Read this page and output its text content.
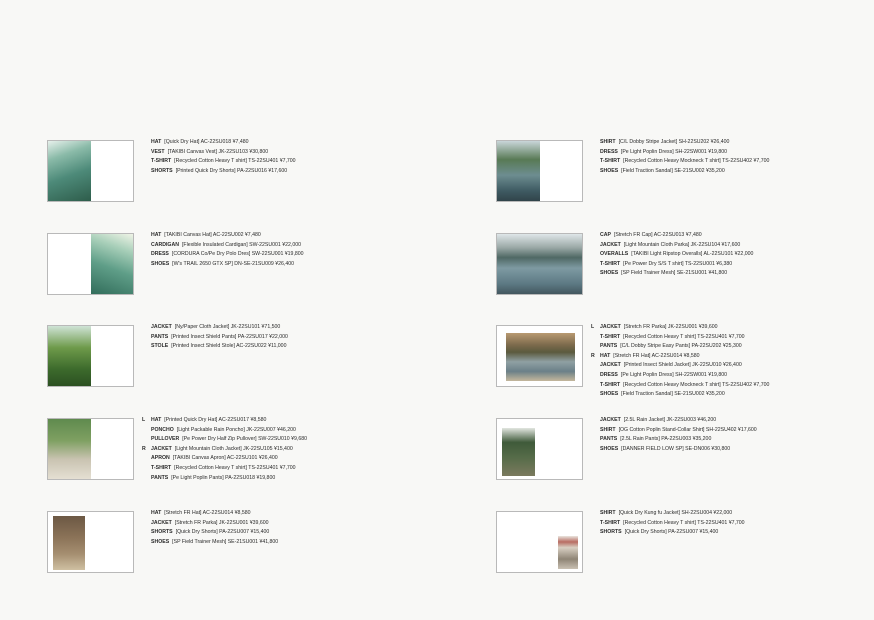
HAT [Quick Dry Hat] AC-22SU018 ¥7,480
VEST [TAKIBI Canvas Vest] JK-22SU103 ¥30,800
T-SHIRT [Recycled Cotton Heavy T shirt] TS-22SU401 ¥7,700
SHORTS [Printed Quick Dry Shorts] PA-22SU016 ¥17,600
HAT [TAKIBI Canvas Hat] AC-22SU002 ¥7,480
CARDIGAN [Flexible Insulated Cardigan] SW-22SU001 ¥22,000
DRESS [CORDURA Co/Pe Dry Polo Dres] SW-22SU001 ¥19,800
SHOES [W's TRAIL 2650 GTX SP] DN-SE-21SU009 ¥26,400
JACKET [Ny/Paper Cloth Jacket] JK-22SU101 ¥71,500
PANTS [Printed Insect Shield Pants] PA-22SU017 ¥22,000
STOLE [Printed Insect Shield Stole] AC-22SU022 ¥11,000
L HAT [Printed Quick Dry Hat] AC-22SU017 ¥8,580
PONCHO [Light Packable Rain Poncho] JK-22SU007 ¥46,200
PULLOVER [Pe Power Dry Half Zip Pullover] SW-22SU010 ¥9,680
R JACKET [Light Mountain Cloth Jacket] JK-22SU105 ¥15,400
APRON [TAKIBI Canvas Apron] AC-22SU101 ¥26,400
T-SHIRT [Recycled Cotton Heavy T shirt] TS-22SU401 ¥7,700
PANTS [Pe Light Poplin Pants] PA-22SU018 ¥19,800
HAT [Stretch FR Hat] AC-22SU014 ¥8,580
JACKET [Stretch FR Parka] JK-22SU001 ¥39,600
SHORTS [Quick Dry Shorts] PA-22SU007 ¥15,400
SHOES [SP Field Trainer Mesh] SE-21SU001 ¥41,800
SHIRT [C/L Dobby Stripe Jacket] SH-22SU202 ¥26,400
DRESS [Pe Light Poplin Dress] SH-22SW001 ¥19,800
T-SHIRT [Recycled Cotton Heavy Mockneck T shirt] TS-22SU402 ¥7,700
SHOES [Field Traction Sandal] SE-21SU002 ¥35,200
CAP [Stretch FR Cap] AC-22SU013 ¥7,480
JACKET [Light Mountain Cloth Parka] JK-22SU104 ¥17,600
OVERALLS [TAKIBI Light Ripstop Overalls] AL-22SU101 ¥22,000
T-SHIRT [Pe Power Dry S/S T shirt] TS-22SU001 ¥6,380
SHOES [SP Field Trainer Mesh] SE-21SU001 ¥41,800
L JACKET [Stretch FR Parka] JK-22SU001 ¥39,600
T-SHIRT [Recycled Cotton Heavy T shirt] TS-22SU401 ¥7,700
PANTS [C/L Dobby Stripe Easy Pants] PA-22SU202 ¥25,300
R HAT [Stretch FR Hat] AC-22SU014 ¥8,580
JACKET [Printed Insect Shield Jacket] JK-22SU010 ¥26,400
DRESS [Pe Light Poplin Dress] SH-22SW001 ¥19,800
T-SHIRT [Recycled Cotton Heavy Mockneck T shirt] TS-22SU402 ¥7,700
SHOES [Field Traction Sandal] SE-21SU002 ¥35,200
JACKET [2.5L Rain Jacket] JK-22SU003 ¥46,200
SHIRT [OG Cotton Poplin Stand-Collar Shirt] SH-22SU402 ¥17,600
PANTS [2.5L Rain Pants] PA-22SU003 ¥35,200
SHOES [DANNER FIELD LOW SP] SE-DN006 ¥30,800
SHIRT [Quick Dry Kung fu Jacket] SH-22SU004 ¥22,000
T-SHIRT [Recycled Cotton Heavy T shirt] TS-22SU401 ¥7,700
SHORTS [Quick Dry Shorts] PA-22SU007 ¥15,400
